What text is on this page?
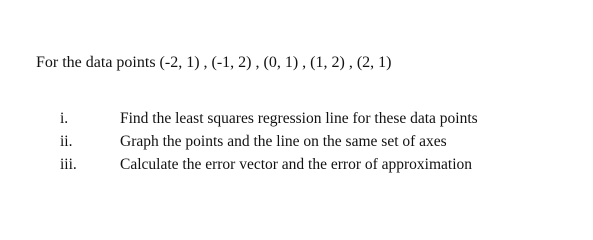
For the data points (-2, 1) , (-1, 2) , (0, 1) , (1, 2) , (2, 1)

i.	Find the least squares regression line for these data points
ii.	Graph the points and the line on the same set of axes
iii.	Calculate the error vector and the error of approximation
